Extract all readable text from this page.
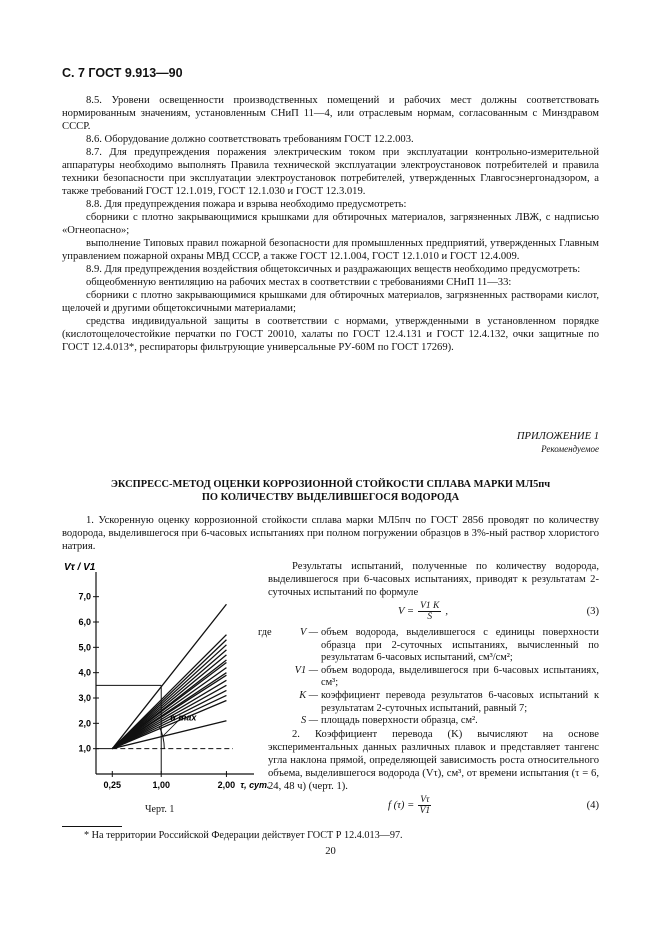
С. 7 ГОСТ 9.913—90

8.5. Уровени освещенности производственных помещений и рабочих мест должны соответствовать нормированным значениям, установленным СНиП 11—4, или отраслевым нормам, согласованным с Минздравом СССР.

8.6. Оборудование должно соответствовать требованиям ГОСТ 12.2.003.

8.7. Для предупреждения поражения электрическим током при эксплуатации контрольно-измерительной аппаратуры необходимо выполнять Правила технической эксплуатации электроустановок потребителей и правила техники безопасности при эксплуатации электроустановок потребителей, утвержденных Главгосэнергонадзором, а также требований ГОСТ 12.1.019, ГОСТ 12.1.030 и ГОСТ 12.3.019.

8.8. Для предупреждения пожара и взрыва необходимо предусмотреть:

сборники с плотно закрывающимися крышками для обтирочных материалов, загрязненных ЛВЖ, с надписью «Огнеопасно»;

выполнение Типовых правил пожарной безопасности для промышленных предприятий, утвержденных Главным управлением пожарной охраны МВД СССР, а также ГОСТ 12.1.004, ГОСТ 12.1.010 и ГОСТ 12.4.009.

8.9. Для предупреждения воздействия общетоксичных и раздражающих веществ необходимо предусмотреть:

общеобменную вентиляцию на рабочих местах в соответствии с требованиями СНиП 11—33:

сборники с плотно закрывающимися крышками для обтирочных материалов, загрязненных растворами кислот, щелочей и другими общетоксичными материалами;

средства индивидуальной защиты в соответствии с нормами, утвержденными в установленном порядке (кислотощелочестойкие перчатки по ГОСТ 20010, халаты по ГОСТ 12.4.131 и ГОСТ 12.4.132, очки защитные по ГОСТ 12.4.013*, респираторы фильтрующие универсальные РУ-60М по ГОСТ 17269).

ПРИЛОЖЕНИЕ 1
Рекомендуемое
ЭКСПРЕСС-МЕТОД ОЦЕНКИ КОРРОЗИОННОЙ СТОЙКОСТИ СПЛАВА МАРКИ МЛ5пч
ПО КОЛИЧЕСТВУ ВЫДЕЛИВШЕГОСЯ ВОДОРОДА

1. Ускоренную оценку коррозионной стойкости сплава марки МЛ5пч по ГОСТ 2856 проводят по количеству водорода, выделившегося при 6-часовых испытаниях при полном погружении образцов в 3%-ный раствор хлористого натрия.

Результаты испытаний, полученные по количеству водорода, выделившегося при 6-часовых испытаниях, приводят к результатам 2-суточных испытаний по формуле

$V = \frac{V1 K}{S}$ ,	(3)
где	V — объем водорода, выделившегося с единицы поверхности образца при 2-суточных испытаниях, вычисленный по результатам 6-часовых испытаний, см³/см²;
V1 — объем водорода, выделившегося при 6-часовых испытаниях, см³;
K — коэффициент перевода результатов 6-часовых испытаний к результатам 2-суточных испытаний, равный 7;
S — площадь поверхности образца, см².

2. Коэффициент перевода (K) вычисляют на основе экспериментальных данных различных плавок и представляет тангенс угла наклона прямой, определяющей зависимость роста относительного объема, выделившегося водорода (Vτ), см³, от времени испытания (τ = 6, 24, 48 ч) (черт. 1).

f $(\tau) = \frac{V\tau}{V1}$	(4)
1,0
2,0
3,0
4,0
5,0
6,0
7,0
0,25	1,00	2,00
Vτ / V1
τ, сут.
α max
Черт. 1
* На территории Российской Федерации действует ГОСТ Р 12.4.013—97.
20
